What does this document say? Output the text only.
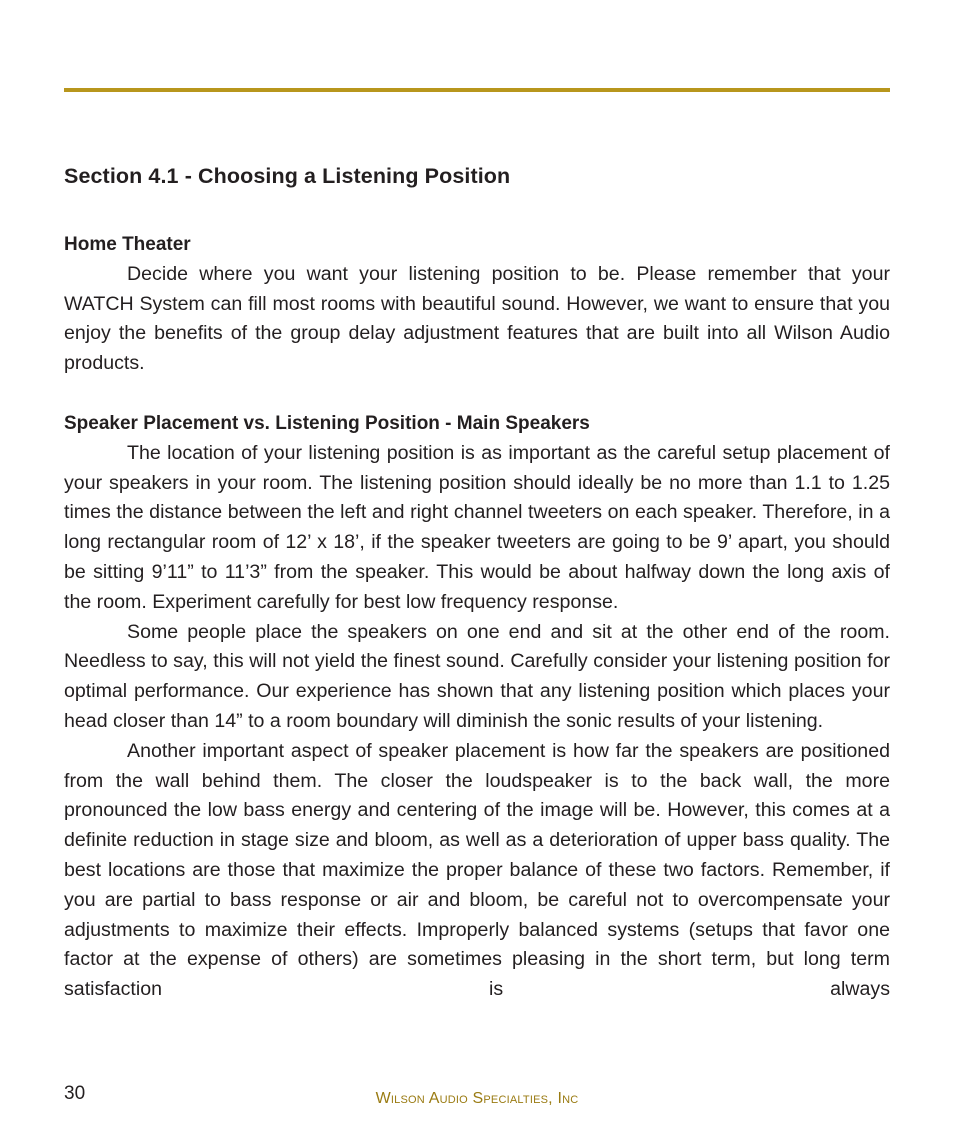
Section 4.1 - Choosing a Listening Position
Home Theater

Decide where you want your listening position to be. Please remember that your WATCH System can fill most rooms with beautiful sound. However, we want to ensure that you enjoy the benefits of the group delay adjustment features that are built into all Wilson Audio products.

Speaker Placement vs. Listening Position - Main Speakers

The location of your listening position is as important as the careful setup placement of your speakers in your room. The listening position should ideally be no more than 1.1 to 1.25 times the distance between the left and right channel tweeters on each speaker. Therefore, in a long rectangular room of 12’ x 18’, if the speaker tweeters are going to be 9’ apart, you should be sitting 9’11” to 11’3” from the speaker. This would be about halfway down the long axis of the room. Experiment carefully for best low frequency response.

Some people place the speakers on one end and sit at the other end of the room. Needless to say, this will not yield the finest sound. Carefully consider your listening position for optimal performance. Our experience has shown that any listening position which places your head closer than 14” to a room boundary will diminish the sonic results of your listening.

Another important aspect of speaker placement is how far the speakers are positioned from the wall behind them. The closer the loudspeaker is to the back wall, the more pronounced the low bass energy and centering of the image will be. However, this comes at a definite reduction in stage size and bloom, as well as a deterioration of upper bass quality. The best locations are those that maximize the proper balance of these two factors. Remember, if you are partial to bass response or air and bloom, be careful not to overcompensate your adjustments to maximize their effects. Improperly balanced systems (setups that favor one factor at the expense of others) are sometimes pleasing in the short term, but long term satisfaction is always

30	Wilson Audio Specialties, Inc
